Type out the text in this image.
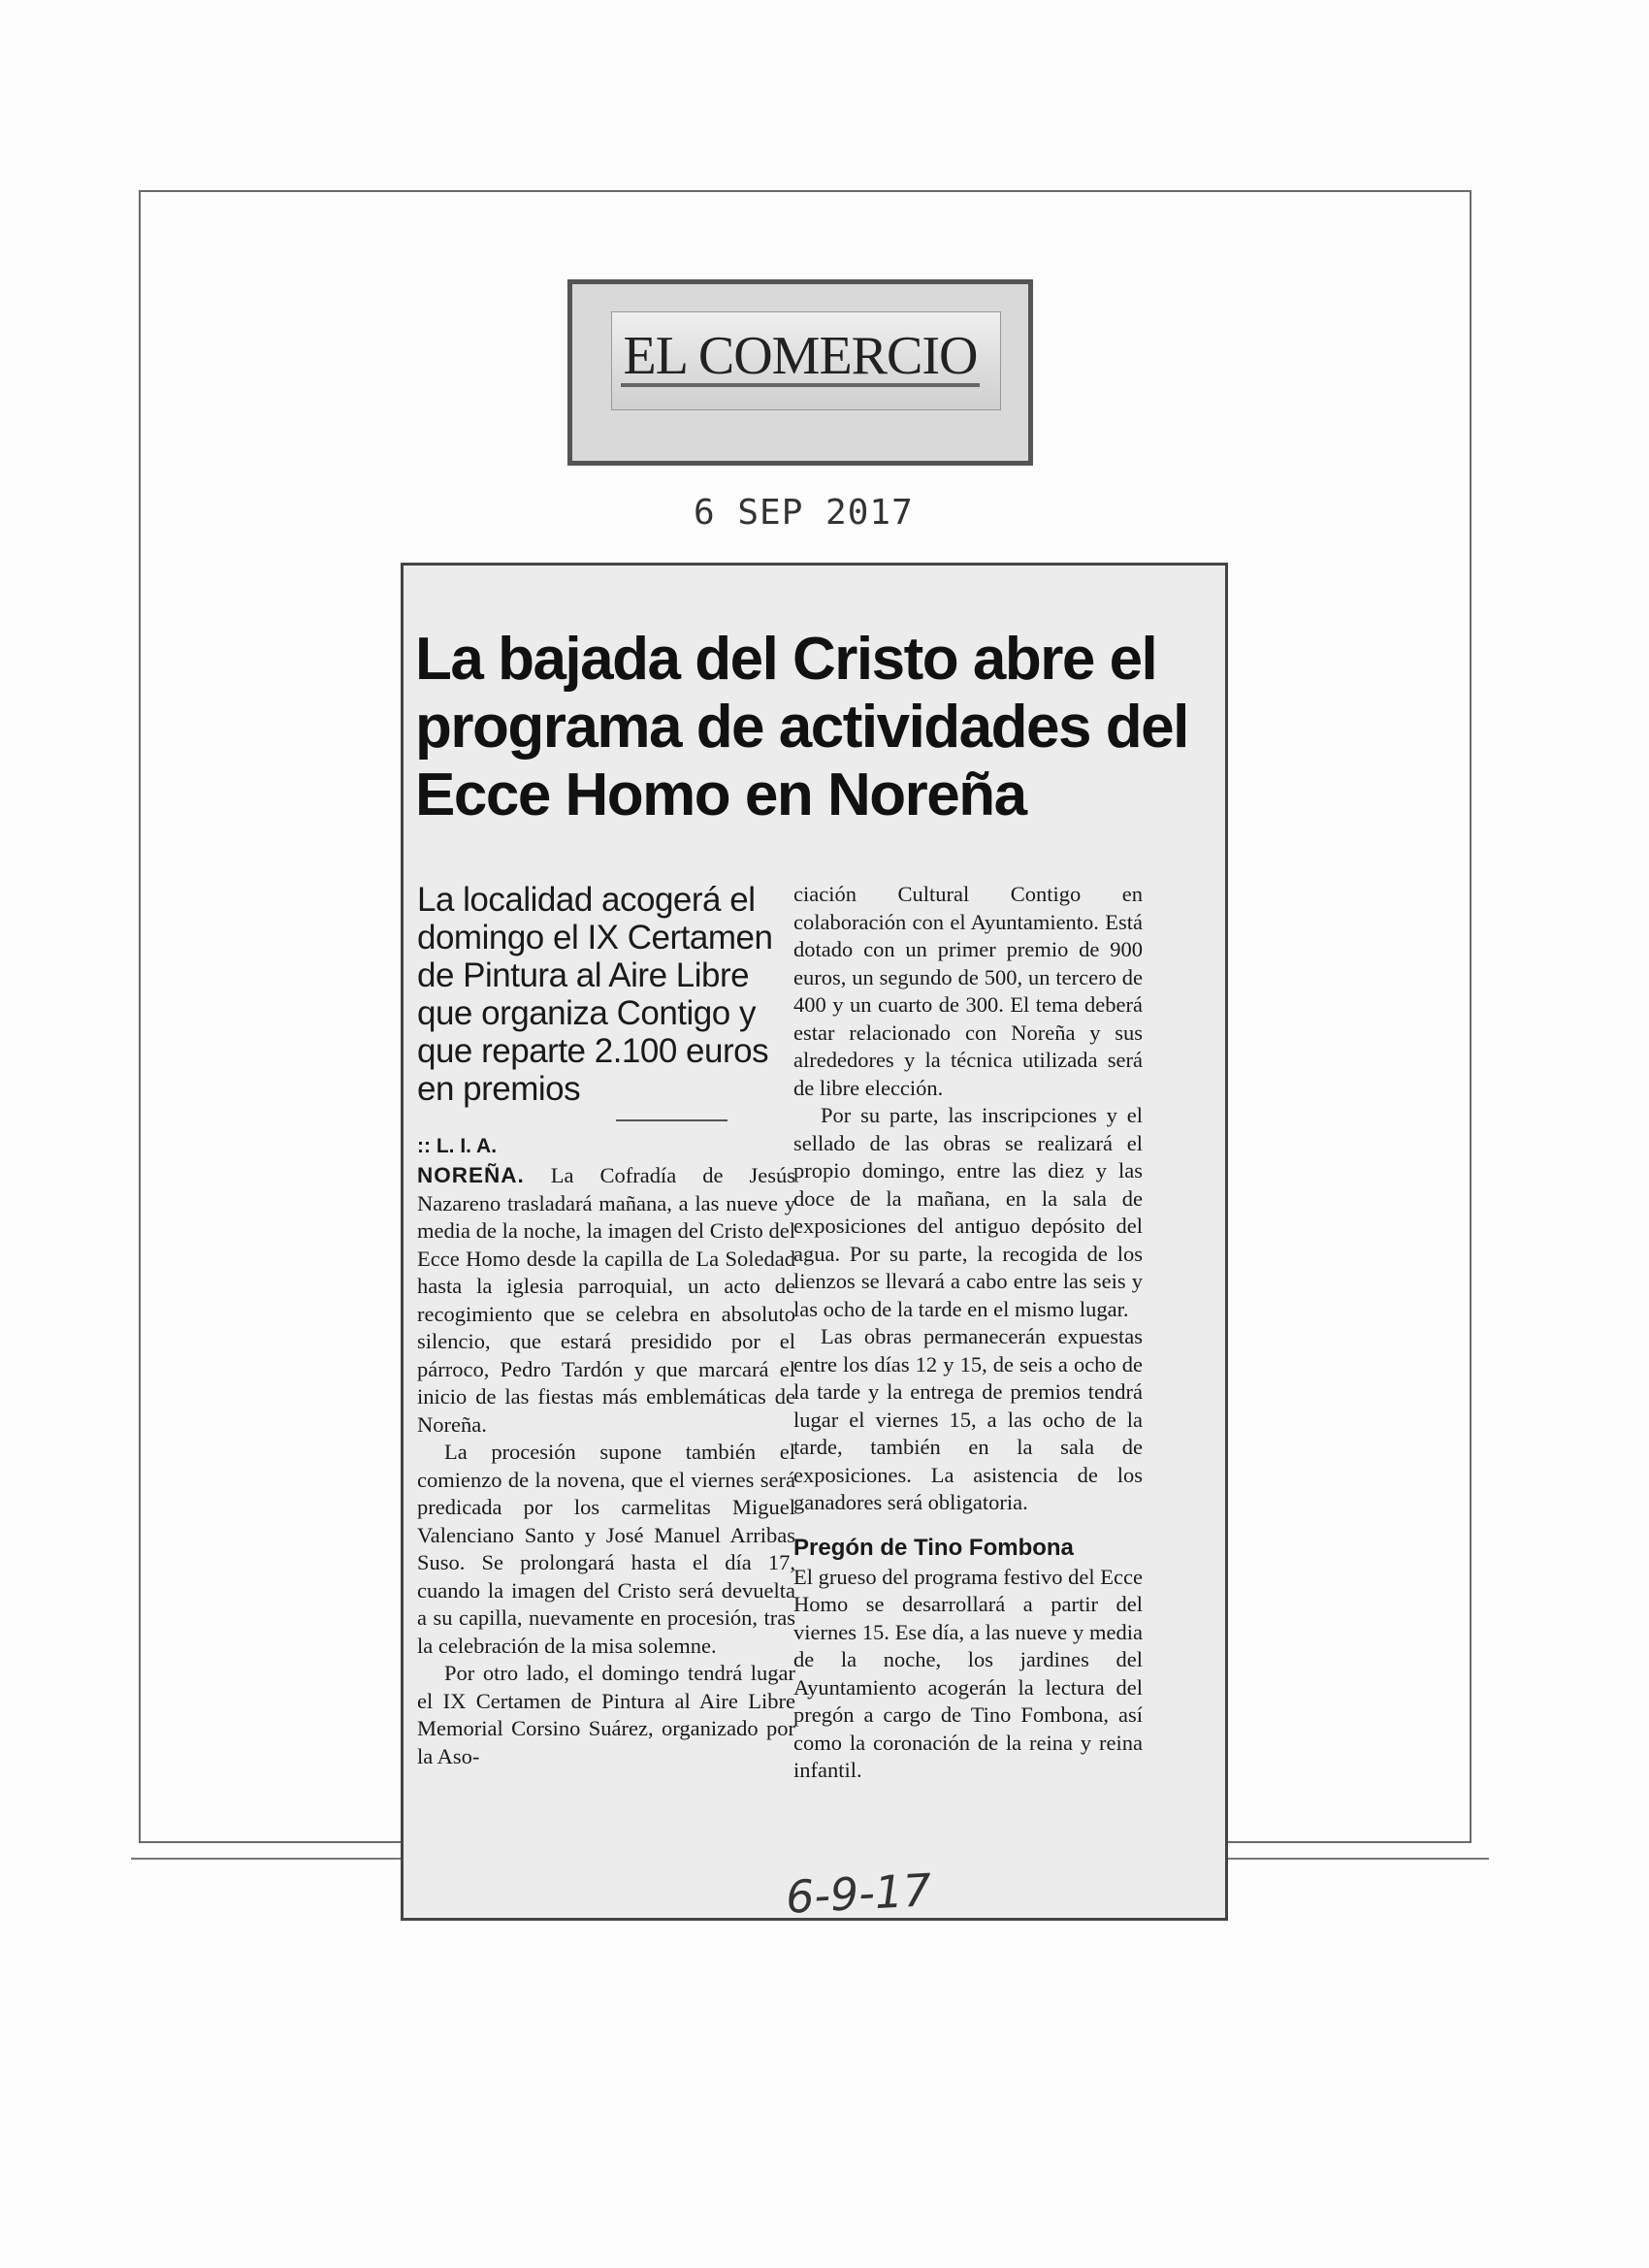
EL COMERCIO
6 SEP 2017
La bajada del Cristo abre el programa de actividades del Ecce Homo en Noreña

La localidad acogerá el domingo el IX Certamen de Pintura al Aire Libre que organiza Contigo y que reparte 2.100 euros en premios

:: L. I. A.

NOREÑA. La Cofradía de Jesús Nazareno trasladará mañana, a las nueve y media de la noche, la imagen del Cristo del Ecce Homo desde la capilla de La Soledad hasta la iglesia parroquial, un acto de recogimiento que se celebra en absoluto silencio, que estará presidido por el párroco, Pedro Tardón y que marcará el inicio de las fiestas más emblemáticas de Noreña.

La procesión supone también el comienzo de la novena, que el viernes será predicada por los carmelitas Miguel Valenciano Santo y José Manuel Arribas Suso. Se prolongará hasta el día 17, cuando la imagen del Cristo será devuelta a su capilla, nuevamente en procesión, tras la celebración de la misa solemne.

Por otro lado, el domingo tendrá lugar el IX Certamen de Pintura al Aire Libre Memorial Corsino Suárez, organizado por la Aso-

ciación Cultural Contigo en colaboración con el Ayuntamiento. Está dotado con un primer premio de 900 euros, un segundo de 500, un tercero de 400 y un cuarto de 300. El tema deberá estar relacionado con Noreña y sus alrededores y la técnica utilizada será de libre elección.

Por su parte, las inscripciones y el sellado de las obras se realizará el propio domingo, entre las diez y las doce de la mañana, en la sala de exposiciones del antiguo depósito del agua. Por su parte, la recogida de los lienzos se llevará a cabo entre las seis y las ocho de la tarde en el mismo lugar.

Las obras permanecerán expuestas entre los días 12 y 15, de seis a ocho de la tarde y la entrega de premios tendrá lugar el viernes 15, a las ocho de la tarde, también en la sala de exposiciones. La asistencia de los ganadores será obligatoria.

Pregón de Tino Fombona

El grueso del programa festivo del Ecce Homo se desarrollará a partir del viernes 15. Ese día, a las nueve y media de la noche, los jardines del Ayuntamiento acogerán la lectura del pregón a cargo de Tino Fombona, así como la coronación de la reina y reina infantil.

6-9-17
